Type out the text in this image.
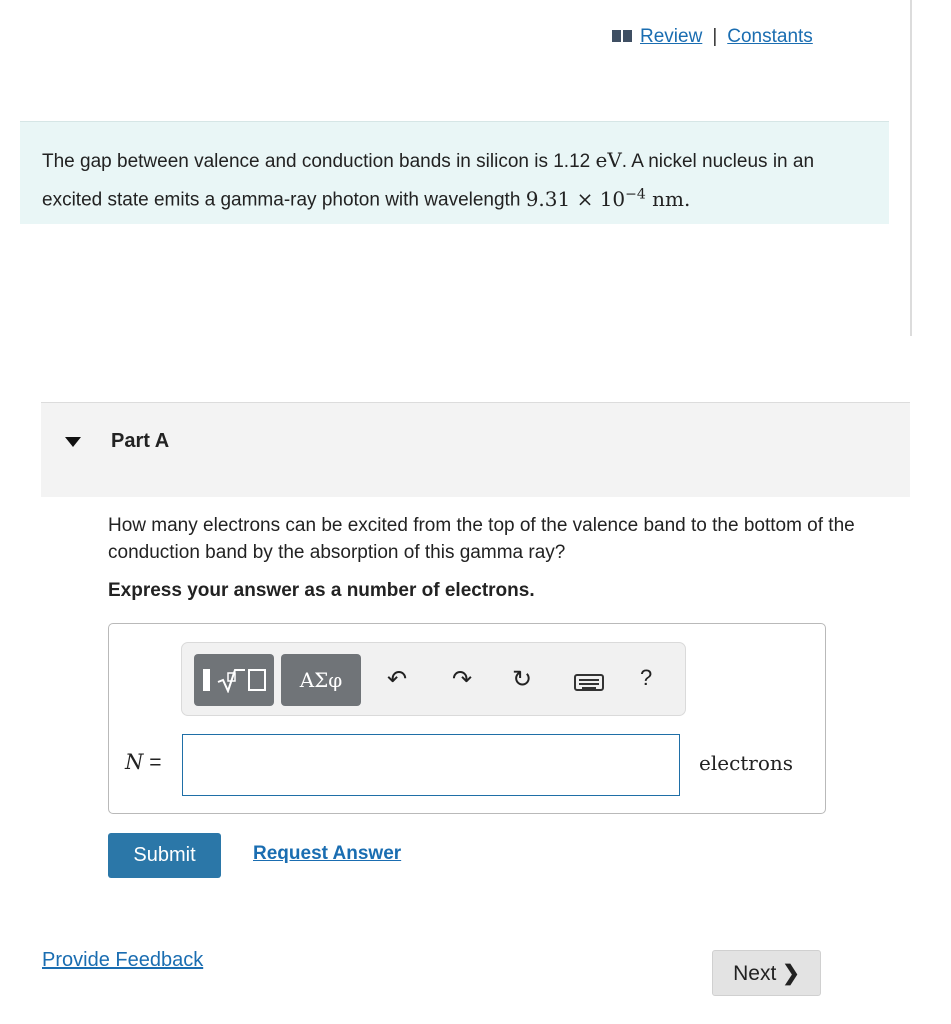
Review | Constants
The gap between valence and conduction bands in silicon is 1.12 eV. A nickel nucleus in an excited state emits a gamma-ray photon with wavelength $9.31 \times 10^{-4}$ nm.
Part A
How many electrons can be excited from the top of the valence band to the bottom of the conduction band by the absorption of this gamma ray?
Express your answer as a number of electrons.
ΑΣφ	↶ ↷ ↻	?
N =	electrons
Submit	Request Answer
Provide Feedback
Next ❯
